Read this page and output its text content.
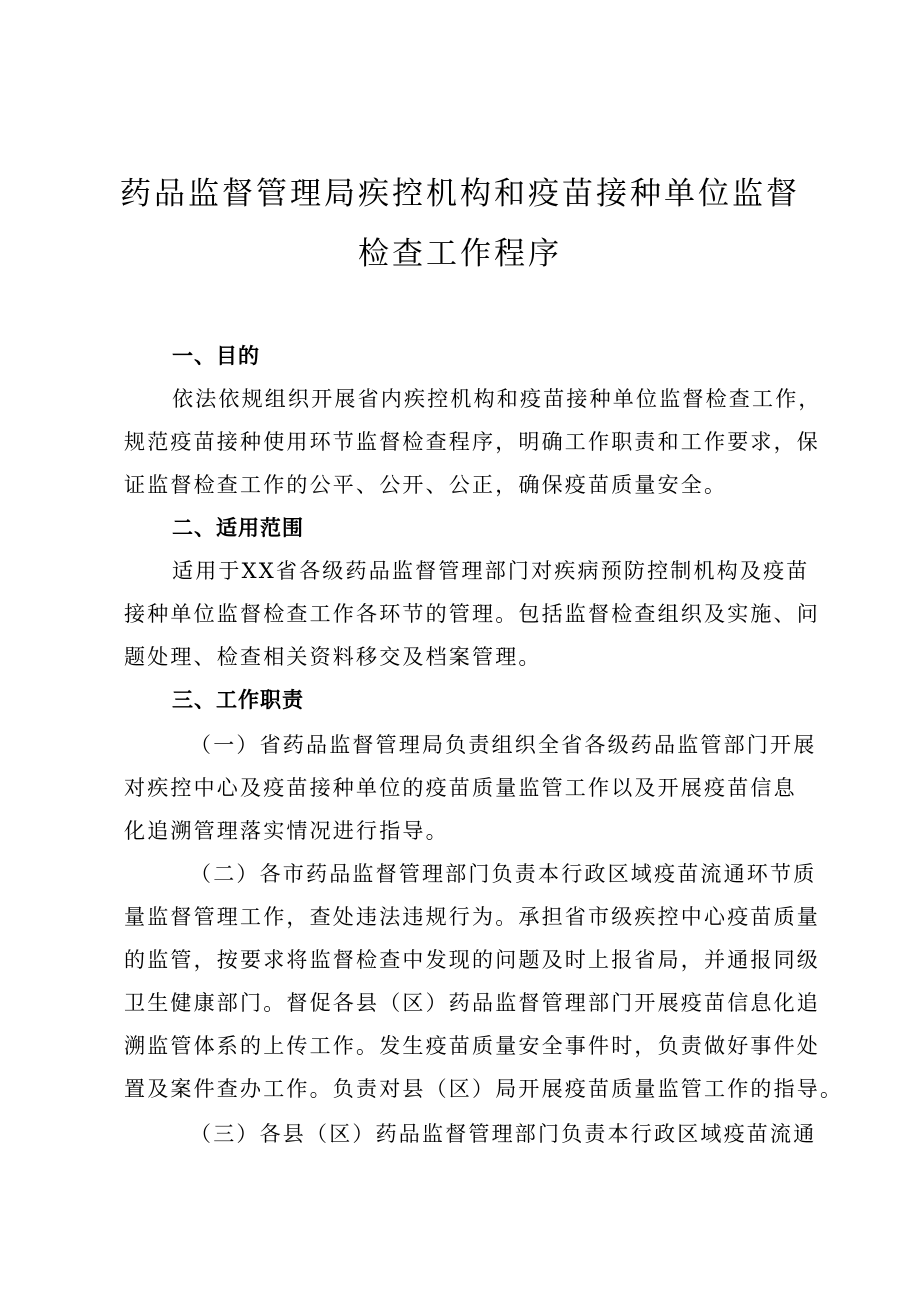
药品监督管理局疾控机构和疫苗接种单位监督
检查工作程序
一、目的
依法依规组织开展省内疾控机构和疫苗接种单位监督检查工作，
规范疫苗接种使用环节监督检查程序，明确工作职责和工作要求，保
证监督检查工作的公平、公开、公正，确保疫苗质量安全。
二、适用范围
适用于XX省各级药品监督管理部门对疾病预防控制机构及疫苗
接种单位监督检查工作各环节的管理。包括监督检查组织及实施、问
题处理、检查相关资料移交及档案管理。
三、工作职责
（一）省药品监督管理局负责组织全省各级药品监管部门开展
对疾控中心及疫苗接种单位的疫苗质量监管工作以及开展疫苗信息
化追溯管理落实情况进行指导。
（二）各市药品监督管理部门负责本行政区域疫苗流通环节质
量监督管理工作，查处违法违规行为。承担省市级疾控中心疫苗质量
的监管，按要求将监督检查中发现的问题及时上报省局，并通报同级
卫生健康部门。督促各县（区）药品监督管理部门开展疫苗信息化追
溯监管体系的上传工作。发生疫苗质量安全事件时，负责做好事件处
置及案件查办工作。负责对县（区）局开展疫苗质量监管工作的指导。
（三）各县（区）药品监督管理部门负责本行政区域疫苗流通
